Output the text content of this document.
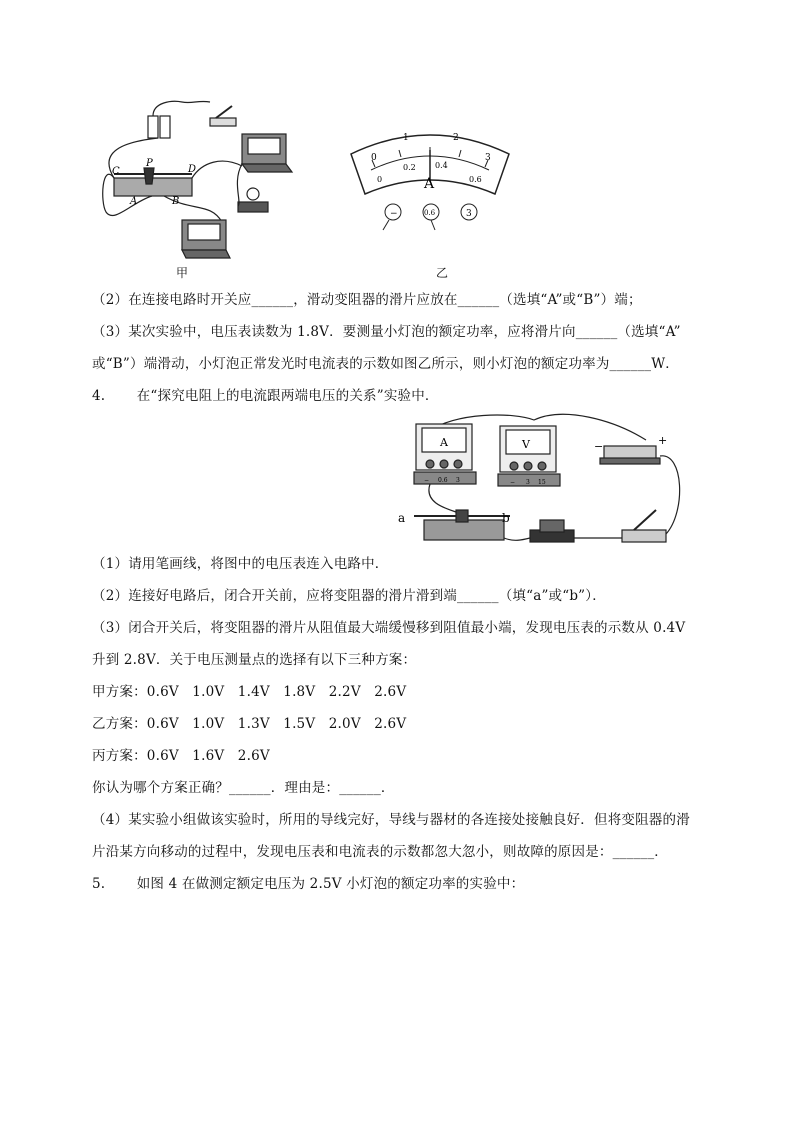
C
P
D
A	B
甲
0
1	2
3
0
0.2 0.4
0.6
A
−	0.6	3
乙
（2）在连接电路时开关应______，滑动变阻器的滑片应放在______（选填“A”或“B”）端；
（3）某次实验中，电压表读数为 1.8V．要测量小灯泡的额定功率，应将滑片向______（选填“A”
或“B”）端滑动，小灯泡正常发光时电流表的示数如图乙所示，则小灯泡的额定功率为______W．
4.       在“探究电阻上的电流跟两端电压的关系”实验中．
a	b
A	V	−	+
− 0.6 3	− 3 15
（1）请用笔画线，将图中的电压表连入电路中．
（2）连接好电路后，闭合开关前，应将变阻器的滑片滑到端______（填“a”或“b”）．
（3）闭合开关后，将变阻器的滑片从阻值最大端缓慢移到阻值最小端，发现电压表的示数从 0.4V
升到 2.8V．关于电压测量点的选择有以下三种方案：
甲方案：0.6V   1.0V   1.4V   1.8V   2.2V   2.6V
乙方案：0.6V   1.0V   1.3V   1.5V   2.0V   2.6V
丙方案：0.6V   1.6V   2.6V
你认为哪个方案正确？______．理由是：______．
（4）某实验小组做该实验时，所用的导线完好，导线与器材的各连接处接触良好．但将变阻器的滑
片沿某方向移动的过程中，发现电压表和电流表的示数都忽大忽小，则故障的原因是：______．
5.       如图 4 在做测定额定电压为 2.5V 小灯泡的额定功率的实验中：
